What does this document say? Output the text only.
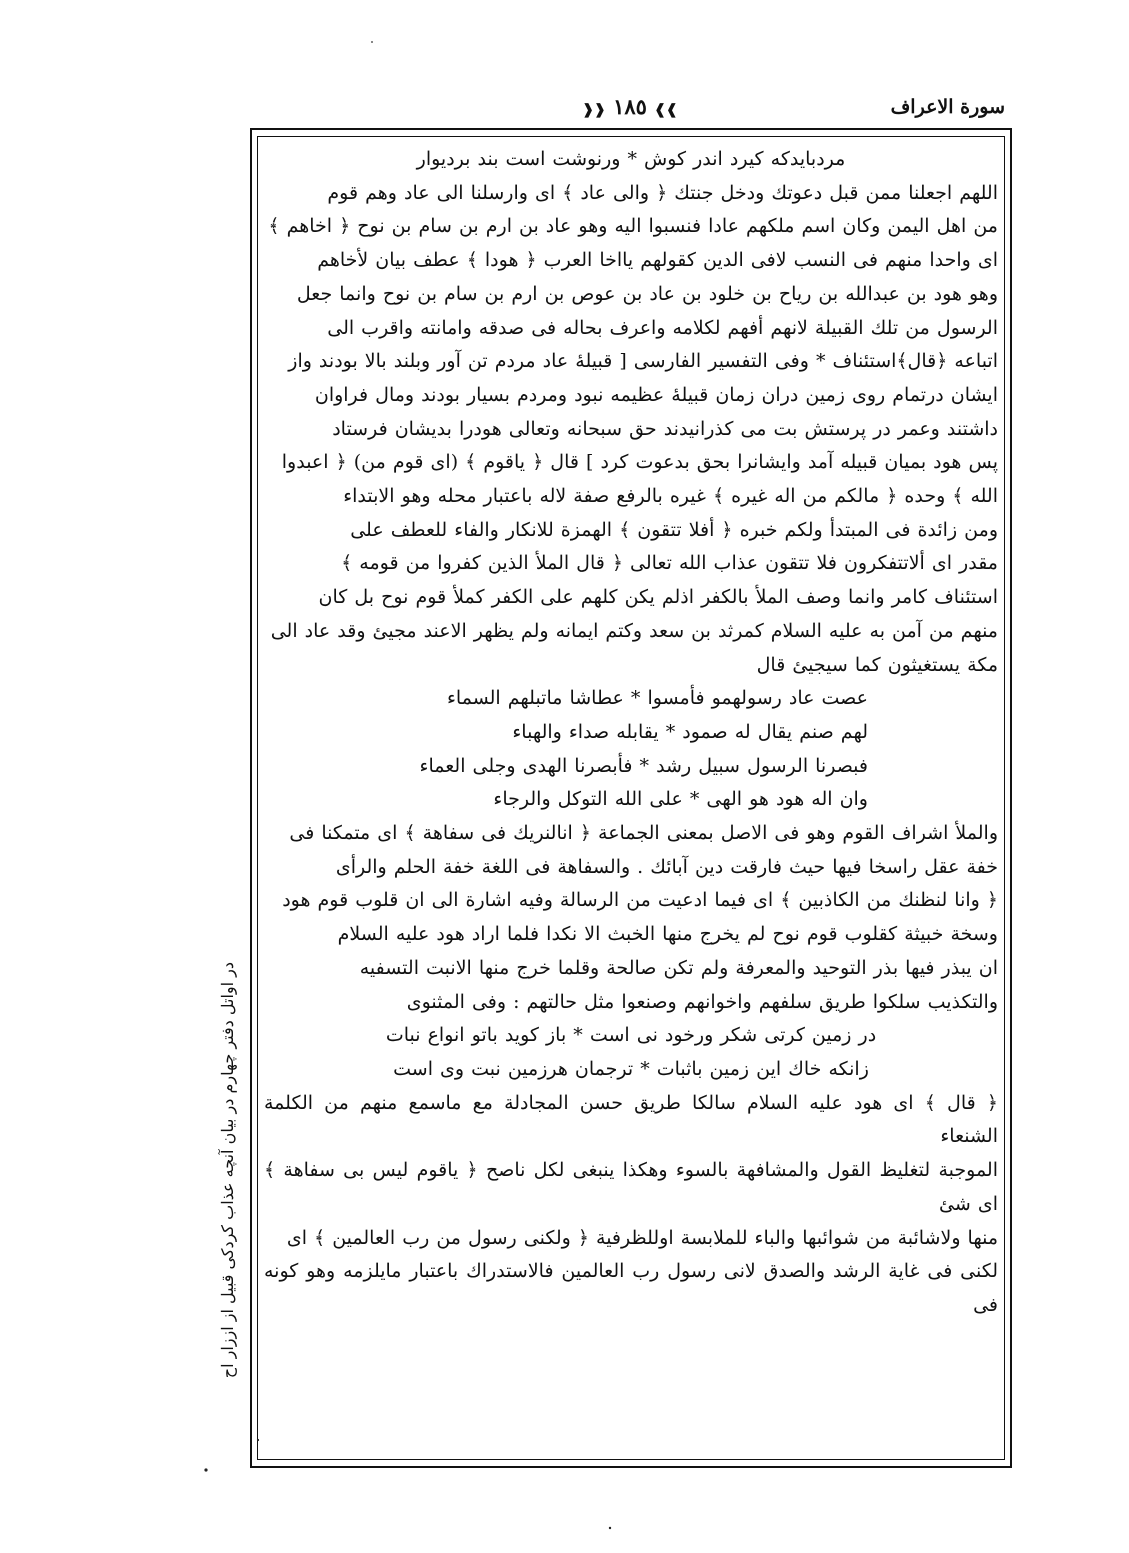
سورة الاعراف
❱❱ ١٨٥ ❰❰

مردبايدكه كيرد اندر كوش * ورنوشت است بند برديوار

اللهم اجعلنا ممن قبل دعوتك ودخل جنتك ﴿ والى عاد ﴾ اى وارسلنا الى عاد وهم قوم

من اهل اليمن وكان اسم ملكهم عادا فنسبوا اليه وهو عاد بن ارم بن سام بن نوح ﴿ اخاهم ﴾

اى واحدا منهم فى النسب لافى الدين كقولهم يااخا العرب ﴿ هودا ﴾ عطف بيان لأخاهم

وهو هود بن عبدالله بن رياح بن خلود بن عاد بن عوص بن ارم بن سام بن نوح وانما جعل

الرسول من تلك القبيلة لانهم أفهم لكلامه واعرف بحاله فى صدقه وامانته واقرب الى

اتباعه ﴿قال﴾استئناف * وفى التفسير الفارسى [ قبيلهٔ عاد مردم تن آور وبلند بالا بودند واز

ايشان درتمام روى زمين دران زمان قبيلهٔ عظيمه نبود ومردم بسيار بودند ومال فراوان

داشتند وعمر در پرستش بت مى كذرانيدند حق سبحانه وتعالى هودرا بديشان فرستاد

پس هود بميان قبيله آمد وايشانرا بحق بدعوت كرد ] قال ﴿ ياقوم ﴾ (اى قوم من) ﴿ اعبدوا

الله ﴾ وحده ﴿ مالكم من اله غيره ﴾ غيره بالرفع صفة لاله باعتبار محله وهو الابتداء

ومن زائدة فى المبتدأ ولكم خبره ﴿ أفلا تتقون ﴾ الهمزة للانكار والفاء للعطف على

مقدر اى ألاتتفكرون فلا تتقون عذاب الله تعالى ﴿ قال الملأ الذين كفروا من قومه ﴾

استئناف كامر وانما وصف الملأ بالكفر اذلم يكن كلهم على الكفر كملأ قوم نوح بل كان

منهم من آمن به عليه السلام كمرثد بن سعد وكتم ايمانه ولم يظهر الاعند مجيئ وقد عاد الى

مكة يستغيثون كما سيجيئ قال

عصت عاد رسولهمو فأمسوا * عطاشا ماتبلهم السماء

لهم صنم يقال له صمود * يقابله صداء والهباء

فبصرنا الرسول سبيل رشد * فأبصرنا الهدى وجلى العماء

وان اله هود هو الهى * على الله التوكل والرجاء

والملأ اشراف القوم وهو فى الاصل بمعنى الجماعة ﴿ انالنريك فى سفاهة ﴾ اى متمكنا فى

خفة عقل راسخا فيها حيث فارقت دين آبائك . والسفاهة فى اللغة خفة الحلم والرأى

﴿ وانا لنظنك من الكاذبين ﴾ اى فيما ادعيت من الرسالة وفيه اشارة الى ان قلوب قوم هود

وسخة خبيثة كقلوب قوم نوح لم يخرج منها الخبث الا نكدا فلما اراد هود عليه السلام

ان يبذر فيها بذر التوحيد والمعرفة ولم تكن صالحة وقلما خرج منها الانبت التسفيه

والتكذيب سلكوا طريق سلفهم واخوانهم وصنعوا مثل حالتهم : وفى المثنوى

در زمين كرتى شكر ورخود نى است * باز كويد باتو انواع نبات

زانكه خاك اين زمين باثبات * ترجمان هرزمين نبت وى است

﴿ قال ﴾ اى هود عليه السلام سالكا طريق حسن المجادلة مع ماسمع منهم من الكلمة الشنعاء

الموجبة لتغليظ القول والمشافهة بالسوء وهكذا ينبغى لكل ناصح ﴿ ياقوم ليس بى سفاهة ﴾ اى شئ

منها ولاشائبة من شوائبها والباء للملابسة اوللظرفية ﴿ ولكنى رسول من رب العالمين ﴾ اى

لكنى فى غاية الرشد والصدق لانى رسول رب العالمين فالاستدراك باعتبار مايلزمه وهو كونه فى

در اواتل دفتر چهارم در بيان آنچه عذاب كردكى قبيل از اززار اح
